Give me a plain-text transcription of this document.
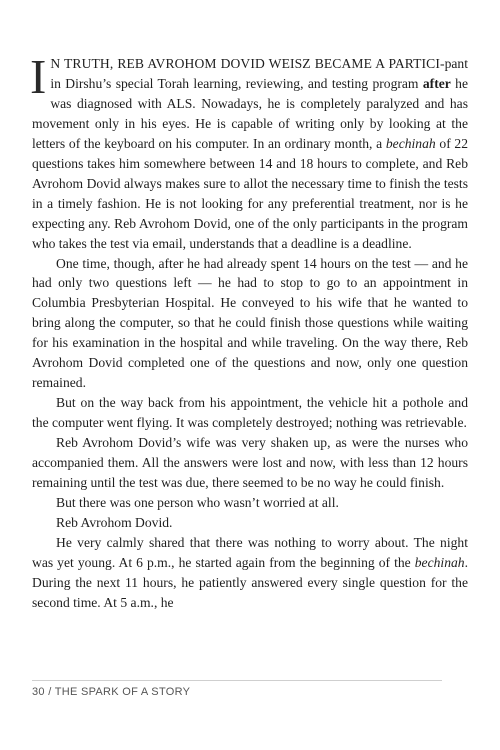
I N TRUTH, REB AVROHOM DOVID WEISZ BECAME A PARTICI-pant in Dirshu’s special Torah learning, reviewing, and testing program after he was diagnosed with ALS. Nowadays, he is completely paralyzed and has movement only in his eyes. He is capable of writing only by looking at the letters of the keyboard on his computer. In an ordinary month, a bechinah of 22 questions takes him somewhere between 14 and 18 hours to complete, and Reb Avrohom Dovid always makes sure to allot the necessary time to finish the tests in a timely fashion. He is not looking for any preferential treatment, nor is he expecting any. Reb Avrohom Dovid, one of the only participants in the program who takes the test via email, understands that a deadline is a deadline.

One time, though, after he had already spent 14 hours on the test — and he had only two questions left — he had to stop to go to an appointment in Columbia Presbyterian Hospital. He conveyed to his wife that he wanted to bring along the computer, so that he could finish those questions while waiting for his examination in the hospital and while traveling. On the way there, Reb Avrohom Dovid completed one of the questions and now, only one question remained.

But on the way back from his appointment, the vehicle hit a pothole and the computer went flying. It was completely destroyed; nothing was retrievable.

Reb Avrohom Dovid’s wife was very shaken up, as were the nurses who accompanied them. All the answers were lost and now, with less than 12 hours remaining until the test was due, there seemed to be no way he could finish.

But there was one person who wasn’t worried at all.

Reb Avrohom Dovid.

He very calmly shared that there was nothing to worry about. The night was yet young. At 6 p.m., he started again from the beginning of the bechinah. During the next 11 hours, he patiently answered every single question for the second time. At 5 a.m., he

30 / THE SPARK OF A STORY
